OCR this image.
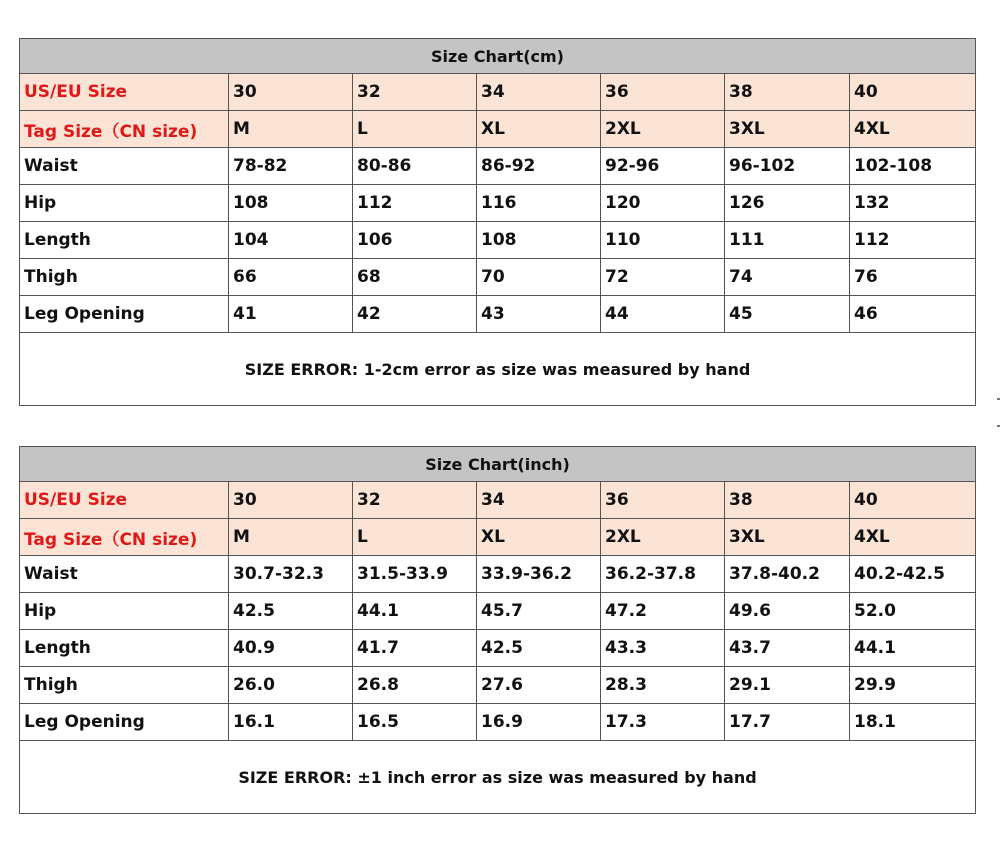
Size Chart(cm)						
US/EU Size	30	32	34	36	38	40
Tag Size（CN size)	M	L	XL	2XL	3XL	4XL
Waist	78-82	80-86	86-92	92-96	96-102	102-108
Hip	108	112	116	120	126	132
Length	104	106	108	110	111	112
Thigh	66	68	70	72	74	76
Leg Opening	41	42	43	44	45	46
SIZE ERROR: 1-2cm error as size was measured by hand						
Size Chart(inch)						
US/EU Size	30	32	34	36	38	40
Tag Size（CN size)	M	L	XL	2XL	3XL	4XL
Waist	30.7-32.3	31.5-33.9	33.9-36.2	36.2-37.8	37.8-40.2	40.2-42.5
Hip	42.5	44.1	45.7	47.2	49.6	52.0
Length	40.9	41.7	42.5	43.3	43.7	44.1
Thigh	26.0	26.8	27.6	28.3	29.1	29.9
Leg Opening	16.1	16.5	16.9	17.3	17.7	18.1
SIZE ERROR: ±1 inch error as size was measured by hand						
